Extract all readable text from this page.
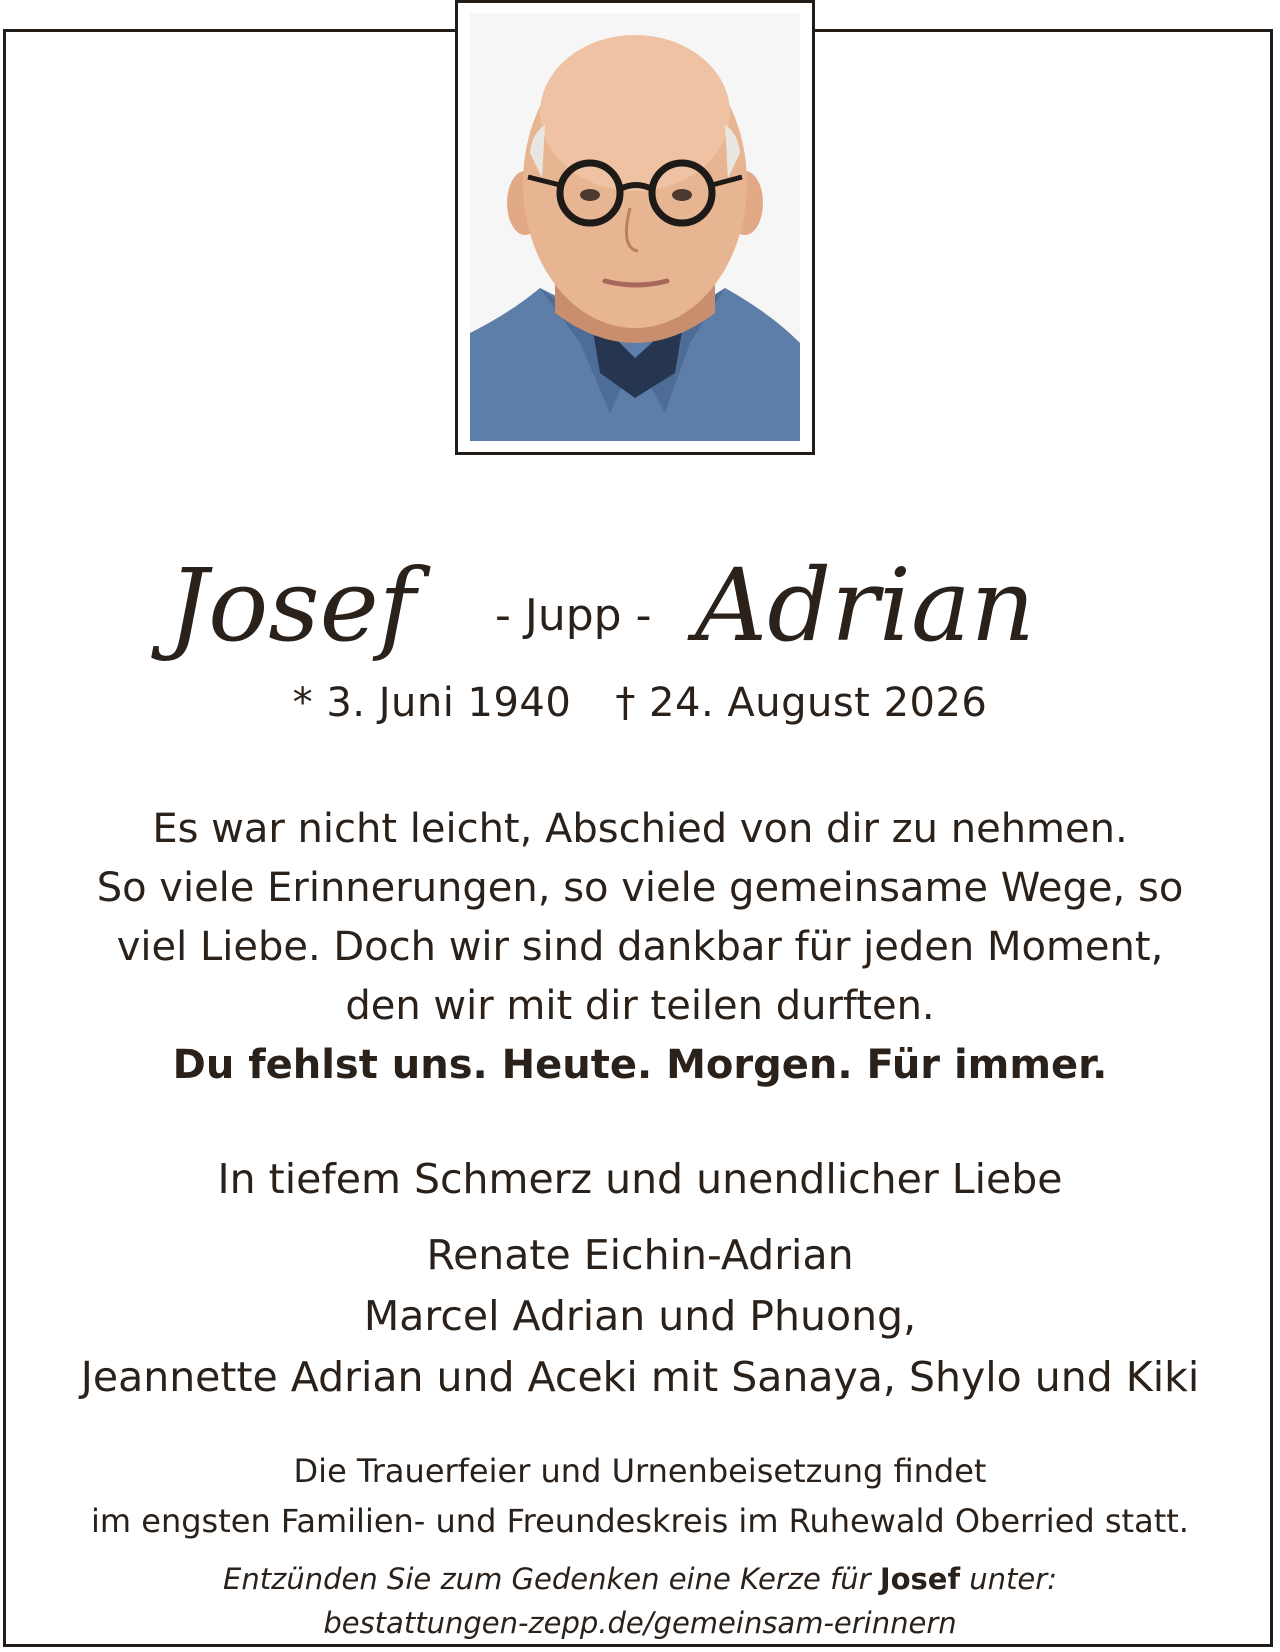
Josef	- Jupp - Adrian
* 3. Juni 1940 † 24. August 2026

Es war nicht leicht, Abschied von dir zu nehmen.

So viele Erinnerungen, so viele gemeinsame Wege, so

viel Liebe. Doch wir sind dankbar für jeden Moment,

den wir mit dir teilen durften.

Du fehlst uns. Heute. Morgen. Für immer.
In tiefem Schmerz und unendlicher Liebe

Renate Eichin-Adrian

Marcel Adrian und Phuong,

Jeannette Adrian und Aceki mit Sanaya, Shylo und Kiki

Die Trauerfeier und Urnenbeisetzung findet

im engsten Familien- und Freundeskreis im Ruhewald Oberried statt.

Entzünden Sie zum Gedenken eine Kerze für Josef unter:

bestattungen-zepp.de/gemeinsam-erinnern
